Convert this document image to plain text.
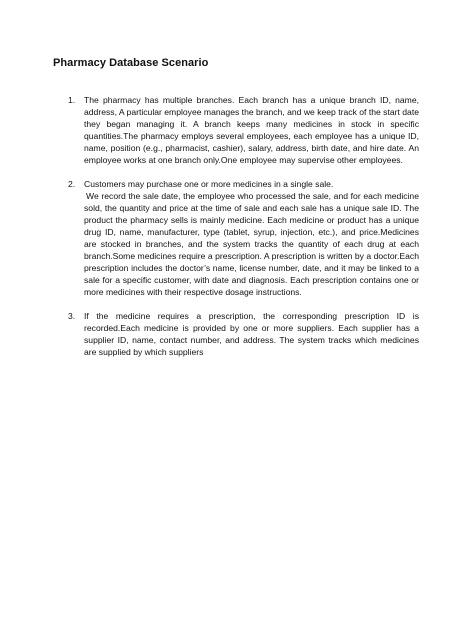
Pharmacy Database Scenario
1. The pharmacy has multiple branches. Each branch has a unique branch ID, name, address, A particular employee manages the branch, and we keep track of the start date they began managing it. A branch keeps many medicines in stock in specific quantities.The pharmacy employs several employees, each employee has a unique ID, name, position (e.g., pharmacist, cashier), salary, address, birth date, and hire date. An employee works at one branch only.One employee may supervise other employees.
2. Customers may purchase one or more medicines in a single sale.
We record the sale date, the employee who processed the sale, and for each medicine sold, the quantity and price at the time of sale and each sale has a unique sale ID. The product the pharmacy sells is mainly medicine. Each medicine or product has a unique drug ID, name, manufacturer, type (tablet, syrup, injection, etc.), and price.Medicines are stocked in branches, and the system tracks the quantity of each drug at each branch.Some medicines require a prescription. A prescription is written by a doctor.Each prescription includes the doctor’s name, license number, date, and it may be linked to a sale for a specific customer, with date and diagnosis. Each prescription contains one or more medicines with their respective dosage instructions.
3. If the medicine requires a prescription, the corresponding prescription ID is recorded.Each medicine is provided by one or more suppliers. Each supplier has a supplier ID, name, contact number, and address. The system tracks which medicines are supplied by which suppliers
